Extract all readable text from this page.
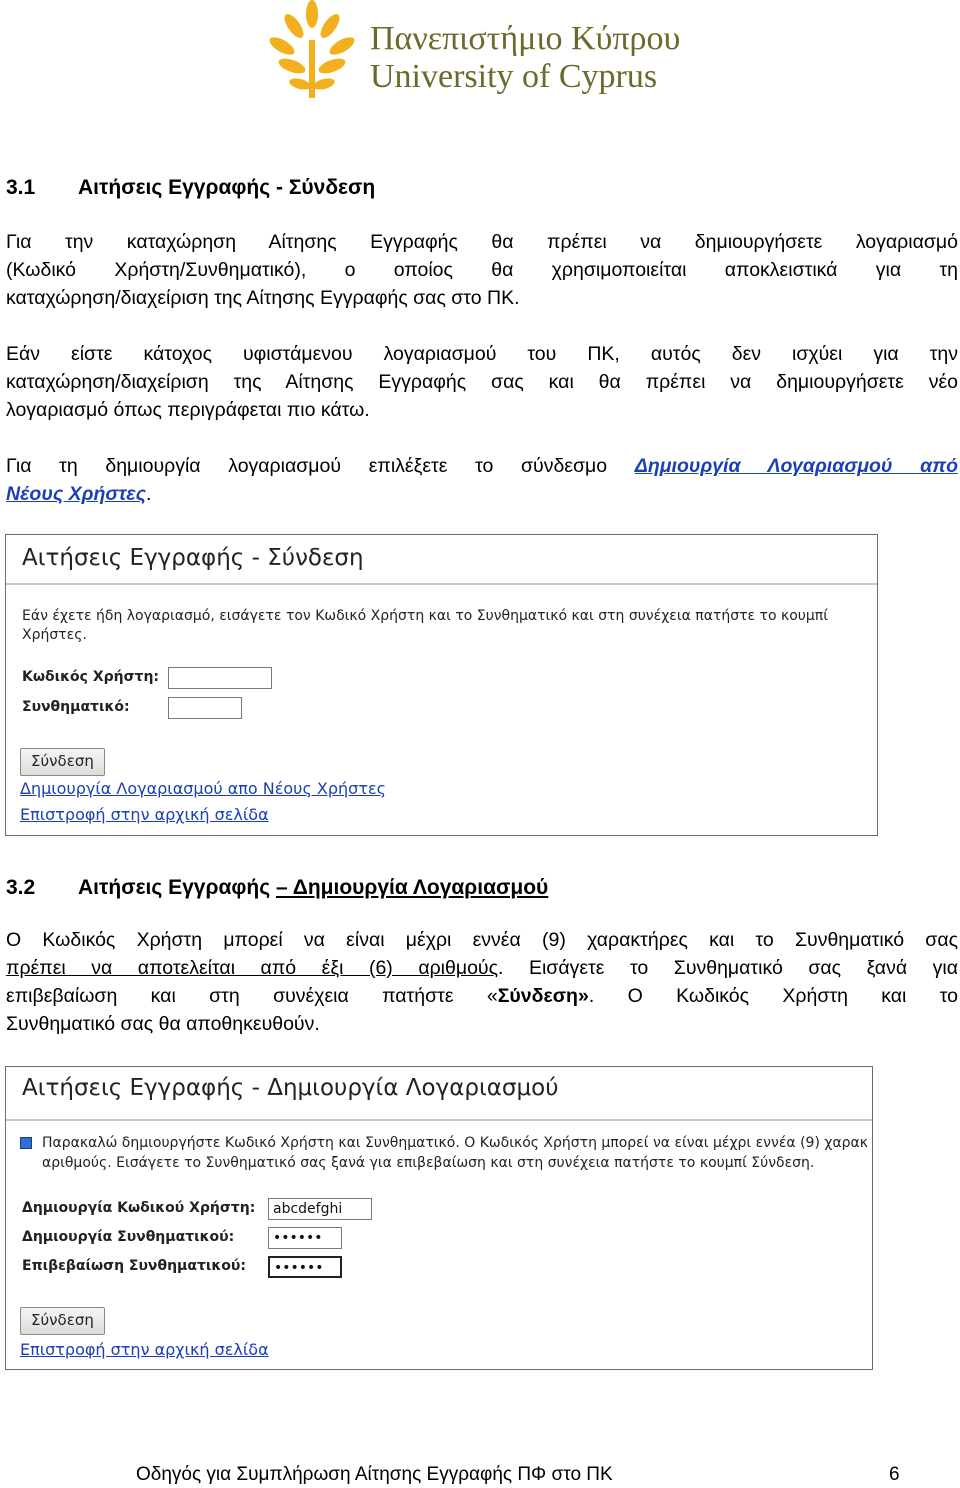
Πανεπιστήμιο Κύπρου
University of Cyprus
3.1 Αιτήσεις Εγγραφής - Σύνδεση
Για την καταχώρηση Αίτησης Εγγραφής θα πρέπει να δημιουργήσετε λογαριασμό
(Κωδικό Χρήστη/Συνθηματικό), ο οποίος θα χρησιμοποιείται αποκλειστικά για τη
καταχώρηση/διαχείριση της Αίτησης Εγγραφής σας στο ΠΚ.
Εάν είστε κάτοχος υφιστάμενου λογαριασμού του ΠΚ, αυτός δεν ισχύει για την
καταχώρηση/διαχείριση της Αίτησης Εγγραφής σας και θα πρέπει να δημιουργήσετε νέο
λογαριασμό όπως περιγράφεται πιο κάτω.
Για τη δημιουργία λογαριασμού επιλέξετε το σύνδεσμο Δημιουργία Λογαριασμού από
Νέους Χρήστες.
Αιτήσεις Εγγραφής - Σύνδεση
Εάν έχετε ήδη λογαριασμό, εισάγετε τον Κωδικό Χρήστη και το Συνθηματικό και στη συνέχεια πατήστε το κουμπί
Χρήστες.
Κωδικός Χρήστη:
Συνθηματικό:
Σύνδεση
Δημιουργία Λογαριασμού απο Νέους Χρήστες
Επιστροφή στην αρχική σελίδα
3.2 Αιτήσεις Εγγραφής – Δημιουργία Λογαριασμού
Ο Κωδικός Χρήστη μπορεί να είναι μέχρι εννέα (9) χαρακτήρες και το Συνθηματικό σας
πρέπει να αποτελείται από έξι (6) αριθμούς. Εισάγετε το Συνθηματικό σας ξανά για
επιβεβαίωση και στη συνέχεια πατήστε «Σύνδεση». Ο Κωδικός Χρήστη και το
Συνθηματικό σας θα αποθηκευθούν.
Αιτήσεις Εγγραφής - Δημιουργία Λογαριασμού
Παρακαλώ δημιουργήστε Κωδικό Χρήστη και Συνθηματικό. Ο Κωδικός Χρήστη μπορεί να είναι μέχρι εννέα (9) χαρακ
αριθμούς. Εισάγετε το Συνθηματικό σας ξανά για επιβεβαίωση και στη συνέχεια πατήστε το κουμπί Σύνδεση.
Δημιουργία Κωδικού Χρήστη:	abcdefghi
Δημιουργία Συνθηματικού:	••••••
Επιβεβαίωση Συνθηματικού:	••••••
Σύνδεση
Επιστροφή στην αρχική σελίδα
Οδηγός για Συμπλήρωση Αίτησης Εγγραφής ΠΦ στο ΠΚ	6
